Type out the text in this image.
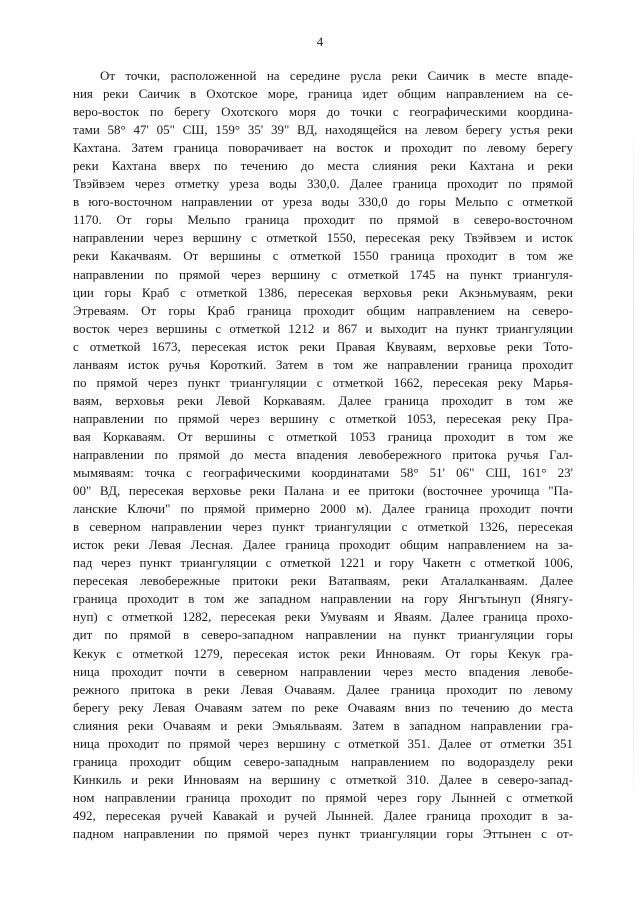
4
От точки, расположенной на середине русла реки Саичик в месте впаде-
ния реки Саичик в Охотское море, граница идет общим направлением на се-
веро-восток по берегу Охотского моря до точки с географическими координа-
тами 58° 47' 05" СШ, 159° 35' 39" ВД, находящейся на левом берегу устья реки
Кахтана. Затем граница поворачивает на восток и проходит по левому берегу
реки Кахтана вверх по течению до места слияния реки Кахтана и реки
Твэйвэем через отметку уреза воды 330,0. Далее граница проходит по прямой
в юго-восточном направлении от уреза воды 330,0 до горы Мельпо с отметкой
1170. От горы Мельпо граница проходит по прямой в северо-восточном
направлении через вершину с отметкой 1550, пересекая реку Твэйвэем и исток
реки Какачваям. От вершины с отметкой 1550 граница проходит в том же
направлении по прямой через вершину с отметкой 1745 на пункт триангуля-
ции горы Краб с отметкой 1386, пересекая верховья реки Акэньмуваям, реки
Этреваям. От горы Краб граница проходит общим направлением на северо-
восток через вершины с отметкой 1212 и 867 и выходит на пункт триангуляции
с отметкой 1673, пересекая исток реки Правая Квуваям, верховье реки Тото-
ланваям исток ручья Короткий. Затем в том же направлении граница проходит
по прямой через пункт триангуляции с отметкой 1662, пересекая реку Марья-
ваям, верховья реки Левой Коркаваям. Далее граница проходит в том же
направлении по прямой через вершину с отметкой 1053, пересекая реку Пра-
вая Коркаваям. От вершины с отметкой 1053 граница проходит в том же
направлении по прямой до места впадения левобережного притока ручья Гал-
мымяваям: точка с географическими координатами 58° 51' 06" СШ, 161° 23'
00" ВД, пересекая верховье реки Палана и ее притоки (восточнее урочища "Па-
ланские Ключи" по прямой примерно 2000 м). Далее граница проходит почти
в северном направлении через пункт триангуляции с отметкой 1326, пересекая
исток реки Левая Лесная. Далее граница проходит общим направлением на за-
пад через пункт триангуляции с отметкой 1221 и гору Чакетн с отметкой 1006,
пересекая левобережные притоки реки Ватапваям, реки Аталалканваям. Далее
граница проходит в том же западном направлении на гору Янгътынуп (Янягу-
нуп) с отметкой 1282, пересекая реки Умуваям и Яваям. Далее граница прохо-
дит по прямой в северо-западном направлении на пункт триангуляции горы
Кекук с отметкой 1279, пересекая исток реки Инноваям. От горы Кекук гра-
ница проходит почти в северном направлении через место впадения левобе-
режного притока в реки Левая Очаваям. Далее граница проходит по левому
берегу реку Левая Очаваям затем по реке Очаваям вниз по течению до места
слияния реки Очаваям и реки Эмьяльваям. Затем в западном направлении гра-
ница проходит по прямой через вершину с отметкой 351. Далее от отметки 351
граница проходит общим северо-западным направлением по водоразделу реки
Кинкиль и реки Инноваям на вершину с отметкой 310. Далее в северо-запад-
ном направлении граница проходит по прямой через гору Лынней с отметкой
492, пересекая ручей Кавакай и ручей Лынней. Далее граница проходит в за-
падном направлении по прямой через пункт триангуляции горы Эттынен с от-
